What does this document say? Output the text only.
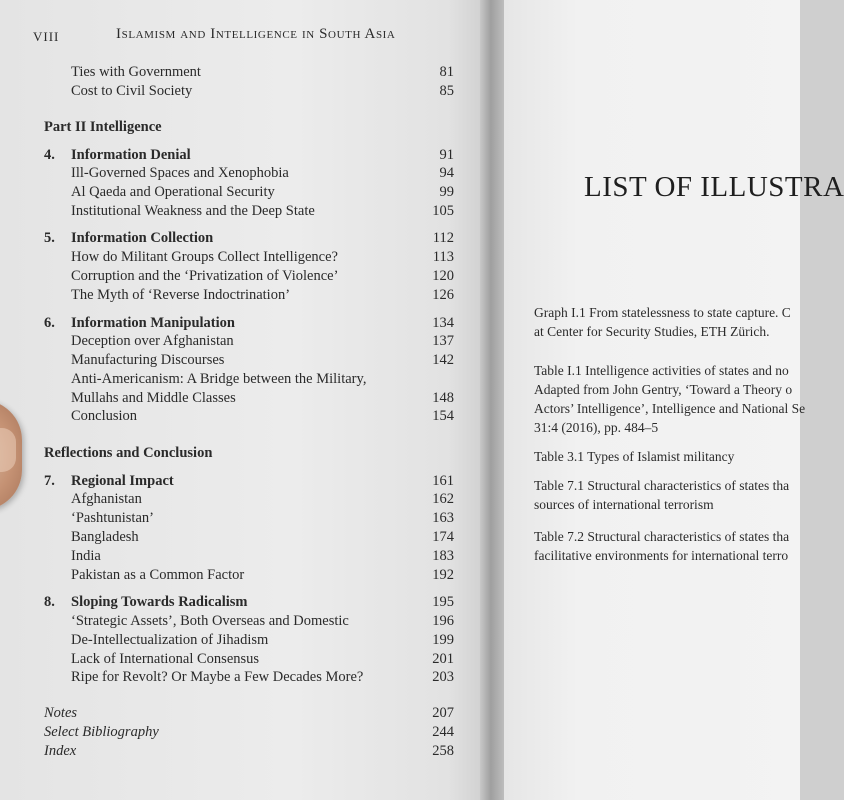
VIII	Islamism and Intelligence in South Asia
Ties with Government	81
Cost to Civil Society	85
Part II Intelligence
4. Information Denial	91
Ill-Governed Spaces and Xenophobia	94
Al Qaeda and Operational Security	99
Institutional Weakness and the Deep State	105
5. Information Collection	112
How do Militant Groups Collect Intelligence?	113
Corruption and the ‘Privatization of Violence’	120
The Myth of ‘Reverse Indoctrination’	126
6. Information Manipulation	134
Deception over Afghanistan	137
Manufacturing Discourses	142
Anti-Americanism: A Bridge between the Military,
Mullahs and Middle Classes	148
Conclusion	154
Reflections and Conclusion
7. Regional Impact	161
Afghanistan	162
‘Pashtunistan’	163
Bangladesh	174
India	183
Pakistan as a Common Factor	192
8. Sloping Towards Radicalism	195
‘Strategic Assets’, Both Overseas and Domestic	196
De-Intellectualization of Jihadism	199
Lack of International Consensus	201
Ripe for Revolt? Or Maybe a Few Decades More?	203
Notes	207
Select Bibliography	244
Index	258
LIST OF ILLUSTRA
Graph I.1 From statelessness to state capture. C
at Center for Security Studies, ETH Zürich.
Table I.1 Intelligence activities of states and no
Adapted from John Gentry, ‘Toward a Theory o
Actors’ Intelligence’, Intelligence and National Se
31:4 (2016), pp. 484–5
Table 3.1 Types of Islamist militancy
Table 7.1 Structural characteristics of states tha
sources of international terrorism
Table 7.2 Structural characteristics of states tha
facilitative environments for international terro
